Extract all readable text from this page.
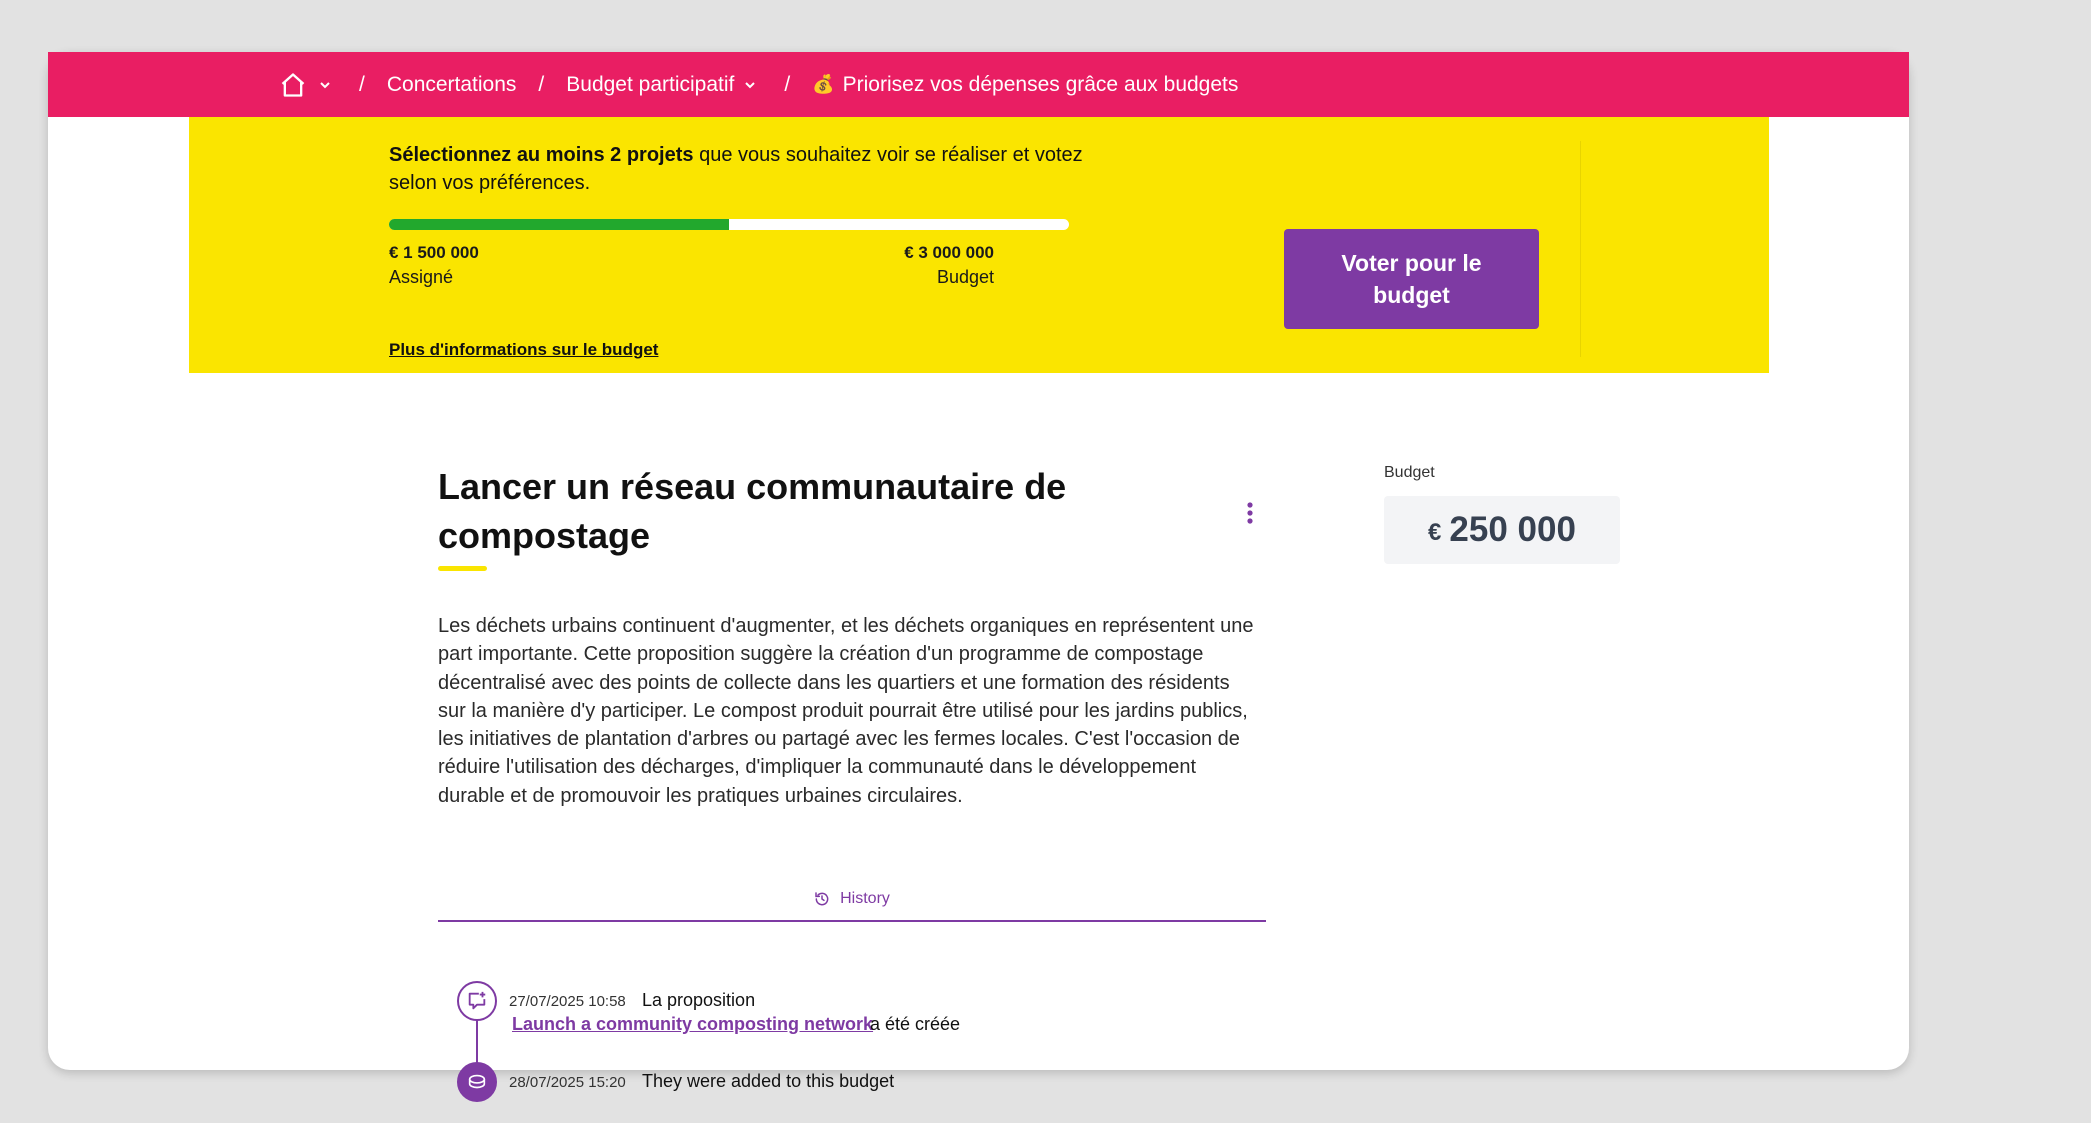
/ Concertations / Budget participatif / 💰 Priorisez vos dépenses grâce aux budgets
Sélectionnez au moins 2 projets que vous souhaitez voir se réaliser et votez selon vos préférences.
€ 1 500 000
Assigné
€ 3 000 000
Budget
Plus d'informations sur le budget
Voter pour le budget
Lancer un réseau communautaire de compostage

Les déchets urbains continuent d'augmenter, et les déchets organiques en représentent une part importante. Cette proposition suggère la création d'un programme de compostage décentralisé avec des points de collecte dans les quartiers et une formation des résidents sur la manière d'y participer. Le compost produit pourrait être utilisé pour les jardins publics, les initiatives de plantation d'arbres ou partagé avec les fermes locales. C'est l'occasion de réduire l'utilisation des décharges, d'impliquer la communauté dans le développement durable et de promouvoir les pratiques urbaines circulaires.

Budget
€ 250 000
History
27/07/2025 10:58 La proposition
Launch a community composting network
a été créée
28/07/2025 15:20 They were added to this budget
